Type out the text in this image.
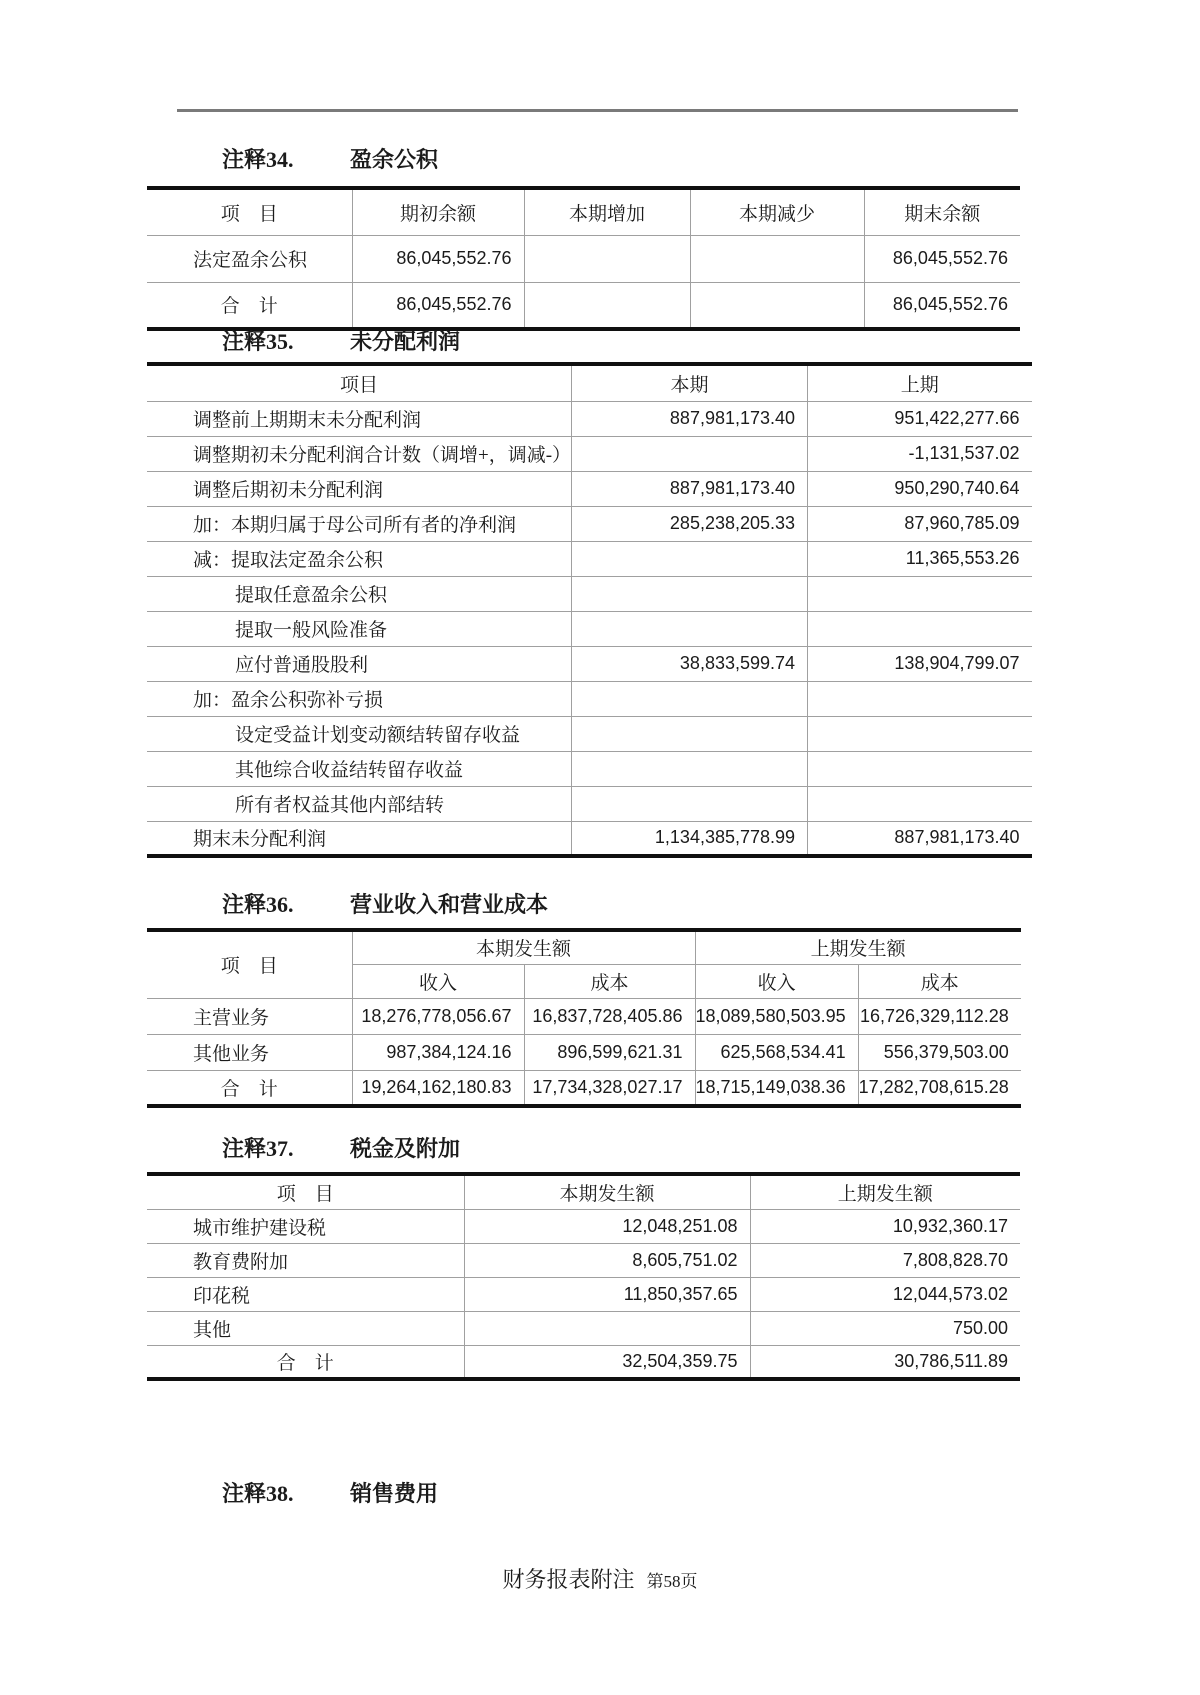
注释34.	盈余公积
项　目	期初余额	本期增加	本期减少	期末余额
法定盈余公积	86,045,552.76			86,045,552.76
合　计	86,045,552.76			86,045,552.76
注释35.	未分配利润
项目	本期	上期
调整前上期期末未分配利润	887,981,173.40	951,422,277.66
调整期初未分配利润合计数（调增+，调减-）		-1,131,537.02
调整后期初未分配利润	887,981,173.40	950,290,740.64
加：本期归属于母公司所有者的净利润	285,238,205.33	87,960,785.09
减：提取法定盈余公积		11,365,553.26
提取任意盈余公积		
提取一般风险准备		
应付普通股股利	38,833,599.74	138,904,799.07
加：盈余公积弥补亏损		
设定受益计划变动额结转留存收益		
其他综合收益结转留存收益		
所有者权益其他内部结转		
期末未分配利润	1,134,385,778.99	887,981,173.40
注释36.	营业收入和营业成本
项　目	本期发生额		上期发生额	
	收入	成本	收入	成本
主营业务	18,276,778,056.67	16,837,728,405.86	18,089,580,503.95	16,726,329,112.28
其他业务	987,384,124.16	896,599,621.31	625,568,534.41	556,379,503.00
合　计	19,264,162,180.83	17,734,328,027.17	18,715,149,038.36	17,282,708,615.28
注释37.	税金及附加
项　目	本期发生额	上期发生额
城市维护建设税	12,048,251.08	10,932,360.17
教育费附加	8,605,751.02	7,808,828.70
印花税	11,850,357.65	12,044,573.02
其他		750.00
合　计	32,504,359.75	30,786,511.89
注释38.	销售费用
财务报表附注 第58页
